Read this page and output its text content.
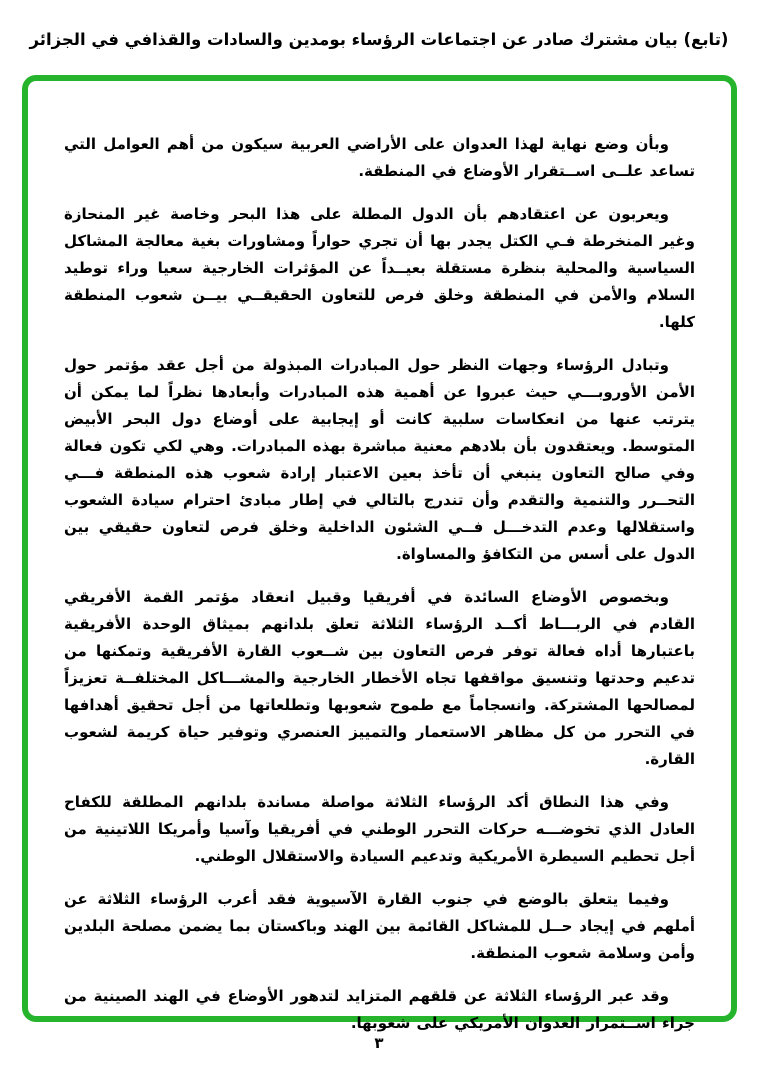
(تابع) بيان مشترك صادر عن اجتماعات الرؤساء بومدين والسادات والقذافي في الجزائر

وبأن وضع نهاية لهذا العدوان على الأراضي العربية سيكون من أهم العوامل التي تساعد علــى اســتقرار الأوضاع في المنطقة.

ويعربون عن اعتقادهم بأن الدول المطلة على هذا البحر وخاصة غير المنحازة وغير المنخرطة فـي الكتل يجدر بها أن تجري حواراً ومشاورات بغية معالجة المشاكل السياسية والمحلية بنظرة مستقلة بعيــداً عن المؤثرات الخارجية سعيا وراء توطيد السلام والأمن في المنطقة وخلق فرص للتعاون الحقيقــي بيــن شعوب المنطقة كلها.

وتبادل الرؤساء وجهات النظر حول المبادرات المبذولة من أجل عقد مؤتمر حول الأمن الأوروبـــي حيث عبروا عن أهمية هذه المبادرات وأبعادها نظراً لما يمكن أن يترتب عنها من انعكاسات سلبية كانت أو إيجابية على أوضاع دول البحر الأبيض المتوسط. ويعتقدون بأن بلادهم معنية مباشرة بهذه المبادرات. وهي لكي تكون فعالة وفي صالح التعاون ينبغي أن تأخذ بعين الاعتبار إرادة شعوب هذه المنطقة فـــي التحــرر والتنمية والتقدم وأن تندرج بالتالي في إطار مبادئ احترام سيادة الشعوب واستقلالها وعدم التدخـــل فــي الشئون الداخلية وخلق فرص لتعاون حقيقي بين الدول على أسس من التكافؤ والمساواة.

وبخصوص الأوضاع السائدة في أفريقيا وقبيل انعقاد مؤتمر القمة الأفريقي القادم في الربـــاط أكــد الرؤساء الثلاثة تعلق بلدانهم بميثاق الوحدة الأفريقية باعتبارها أداه فعالة توفر فرص التعاون بين شــعوب القارة الأفريقية وتمكنها من تدعيم وحدتها وتنسيق مواقفها تجاه الأخطار الخارجية والمشـــاكل المختلفــة تعزيزاً لمصالحها المشتركة. وانسجاماً مع طموح شعوبها وتطلعاتها من أجل تحقيق أهدافها في التحرر من كل مظاهر الاستعمار والتمييز العنصري وتوفير حياة كريمة لشعوب القارة.

وفي هذا النطاق أكد الرؤساء الثلاثة مواصلة مساندة بلدانهم المطلقة للكفاح العادل الذي تخوضـــه حركات التحرر الوطني في أفريقيا وآسيا وأمريكا اللاتينية من أجل تحطيم السيطرة الأمريكية وتدعيم السيادة والاستقلال الوطني.

وفيما يتعلق بالوضع في جنوب القارة الآسيوية فقد أعرب الرؤساء الثلاثة عن أملهم في إيجاد حــل للمشاكل القائمة بين الهند وباكستان بما يضمن مصلحة البلدين وأمن وسلامة شعوب المنطقة.

وقد عبر الرؤساء الثلاثة عن قلقهم المتزايد لتدهور الأوضاع في الهند الصينية من جراء اســتمرار العدوان الأمريكي على شعوبها.

٣
